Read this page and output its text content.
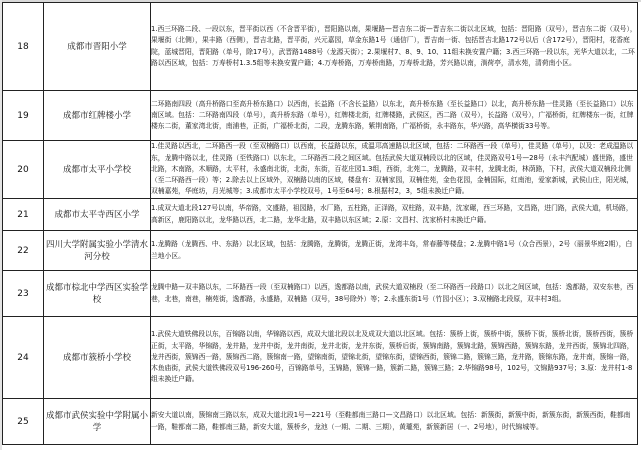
18	成都市晋阳小学	1.西三环路二段、一段以东，晋平街以西（不含晋平街），晋阳路以南，果堰路—晋吉东二街—晋吉东二街以北区域，包括：晋阳路（双号），晋吉东二街（双号），果堰街（北侧），果丰路（西侧），晋吉北路，晋平街，兴元嘉园，草金东路1号（通信厂），晋吉南一街、包括晋吉北路172号以后（含172号），晋阳村，花香庭院，蓝城晋阳，晋阳路（单号，除17号），武晋路1488号（龙源天街）；2.果堰村7、8、9、10、11组未换安置户籍；3.西三环路一段以东，光华大道以北，二环路以西区域，包括：万寿桥村1.3.5组等未换安置户籍；4.万寿桥路，万寿桥南路，万寿桥北路，芳兴路以南，淌荷亭，清水苑，清荷南小区。
19	成都市红牌楼小学	二环路南四段（高升桥路口至高升桥东路口）以西南，长益路（不含长益路）以东北，高升桥东路（至长益路口）以北，高升桥东路一佳灵路（至长益路口）以东南区域。包括：二环路南四段（单号），高升桥东路（单号），红牌楼北街，红牌楼路，武侯区，西二路（双号），长益路（双号），广福桥街，红牌楼东一街，红牌楼东二街，董家湾北街，南浦巷，正街，广福桥北街，二段，龙腾东路，紫荆南路，广福桥街，永丰路东，华兴路，高华横街33号等。
20	成都市太平小学校	1.佳灵路以西北，二环路西一段（至双楠路口）以西南，长益路以东，成温邛高速路以北区域，包括：二环路西一段（单号），佳灵路（单号），以及：老成温路以东，龙腾中路以北，佳灵路（至铁路口）以东北，二环路西二段之间区域。包括武侯大道双楠段以北的区域，佳灵路双号1号—28号（永丰汽配城）盛世路，盛世北路，木南路，木顺路，太平村，永盛南北街，北街，东街，百花庄园1.3组，西街，北苑二，龙腾路，双丰村，龙腾北街，林荫路，下村，武侯大道双楠段北侧（至二环路西一段）等；2.除去以上区域外，双楠路以南的区域，楼盘有：双楠家园，双楠佳苑，金色花园，金楠国际，红南池，爱家新城，武侯山庄，阳光城，双楠嘉苑，华庭坊，月光城等；3.成都市太平小学校双号，1号至64号；8.根据村2，3，5组未换迁户籍。
21	成都市太平寺西区小学	1.成双大道北段127号以南，华帝路，文盛路，祖园路，水厂路，五柱路，正泽路，双柱路，双丰路，沈家碾，西三环路，文昌路，进门路，武侯大道，机场路，高新区，鹿阳路以北，龙华路以西，北二路，龙华北路，双丰路以东区域；2.原：文昌村、沈家桥村未换迁户籍。
22	四川大学附属实验小学清水河分校	1.龙腾路（龙腾西、中、东路）以北区域，包括：龙腾路，龙腾街，龙腾正街，龙湾丰岛，常春藤等楼盘；2.龙腾中路1号（众合西景），2号（丽景华庭2期），白兰地小区。
23	成都市棕北中学西区实验学校	龙腾中路—双丰路以东，二环路西一段（至双楠路口）以西，逸都路以南，武侯大道双楠段（至二环路西一段路口）以北之间区域，包括：逸都路，双安东巷，西巷，北巷，南巷，楠苑街，逸都路，永盛路，双楠路（双号，38号除外）等；2.永盛东街1号（竹园小区）；3.双楠路北段原，双丰村3组。
24	成都市簇桥小学校	1.武侯大道铁佛段以东，百锦路以南，华锦路以西，成双大道北段以北及成双大道以北区域。包括：簇桥上街，簇桥中街，簇桥下街，簇桥北街，簇桥西街，簇桥正街，太平路，华锦路，龙井路，龙井中街，龙井南街，龙井北街，龙井东街，簇桥后街，簇锦南路，簇锦北路，簇锦西路，簇锦东路，龙井西街，簇锦北四路，龙井西街，簇锦西一路，簇锦西二路，簇锦南一路，望锦南街，望锦北街，望锦东街，望锦西街，簇锦二路，簇锦三路，龙井路，簇锦东路，龙井南，簇锦一路，木鱼庙街，武侯大道铁佛段双号196-260号，百锦路单号，玉锦路，簇锦一路，簇新二路，簇锦三路；2.华锦路98号，102号，文锦路937号；3.原：龙井村1-8组未换迁户籍。
25	成都市武侯实验中学附属小学	新安大道以南，簇锦南三路以东，成双大道北段1号—221号（至鞋都南三路口—文昌路口）以北区域。包括：新簇街，新簇中街，新簇东街，新簇西街，鞋都南一路，鞋都南二路，鞋都南三路，新安大道，簇桥乡，龙池（一期、二期、三期），黄瓏苑，新簇新居（一、2号地），时代锦城等。
